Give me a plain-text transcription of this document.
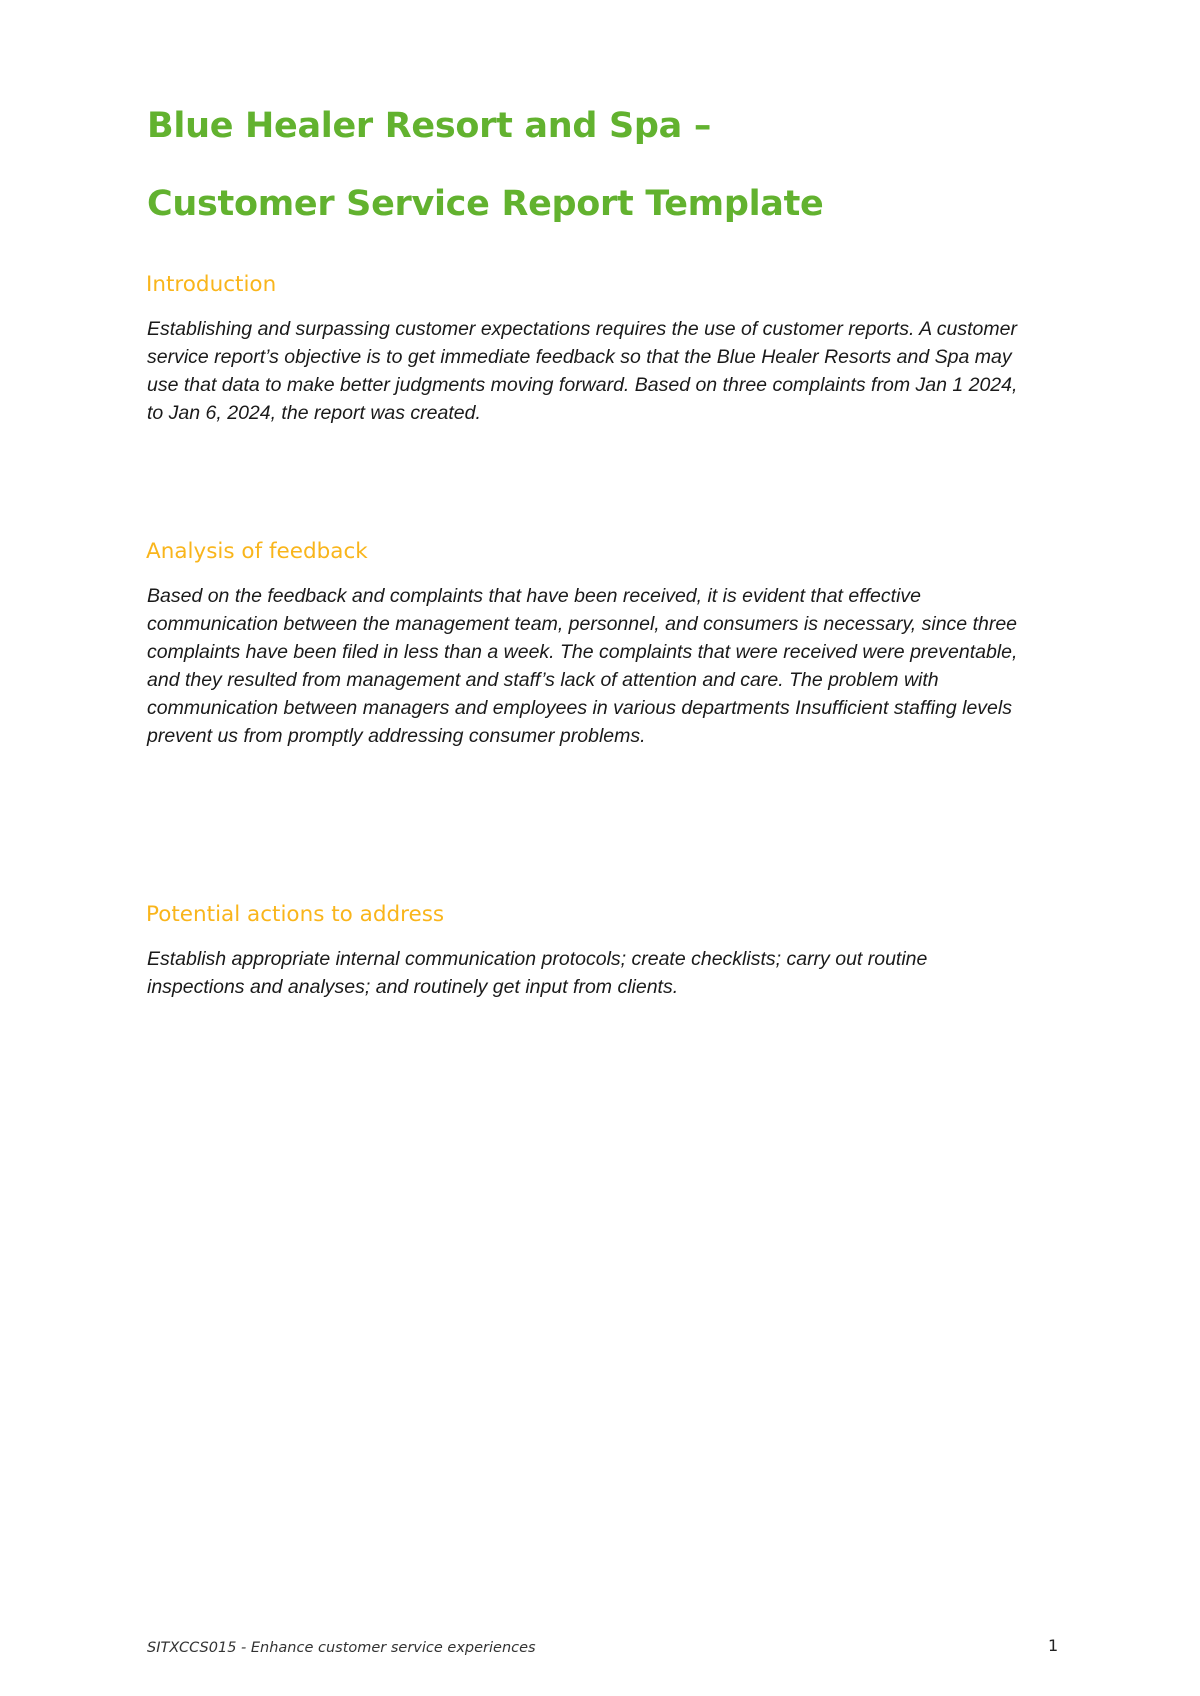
Blue Healer Resort and Spa –
Customer Service Report Template
Introduction

Establishing and surpassing customer expectations requires the use of customer reports. A customer
service report’s objective is to get immediate feedback so that the Blue Healer Resorts and Spa may
use that data to make better judgments moving forward. Based on three complaints from Jan 1 2024,
to Jan 6, 2024, the report was created.

Analysis of feedback

Based on the feedback and complaints that have been received, it is evident that effective
communication between the management team, personnel, and consumers is necessary, since three
complaints have been filed in less than a week. The complaints that were received were preventable,
and they resulted from management and staff’s lack of attention and care. The problem with
communication between managers and employees in various departments Insufficient staffing levels
prevent us from promptly addressing consumer problems.

Potential actions to address

Establish appropriate internal communication protocols; create checklists; carry out routine
inspections and analyses; and routinely get input from clients.

SITXCCS015 - Enhance customer service experiences	1
